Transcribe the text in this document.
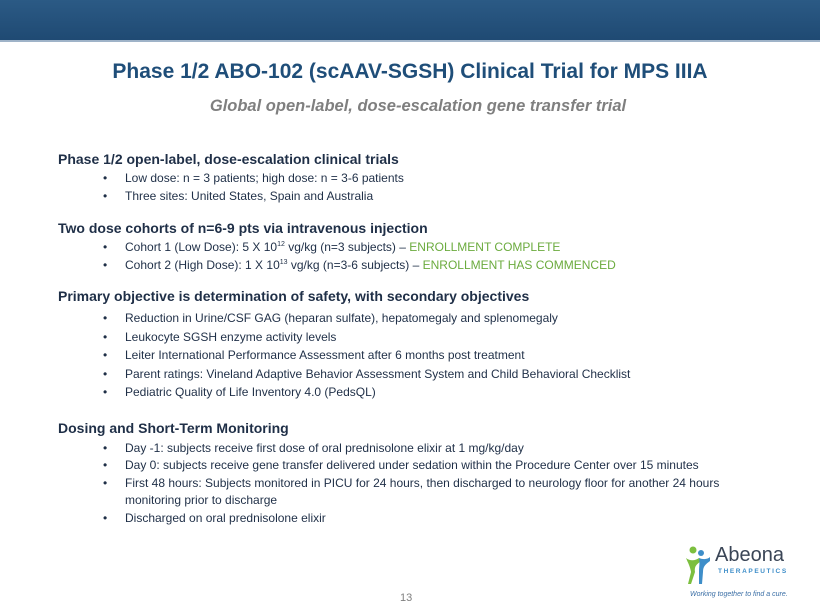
Phase 1/2 ABO-102 (scAAV-SGSH) Clinical Trial for MPS IIIA
Global open-label, dose-escalation gene transfer trial
Phase 1/2 open-label, dose-escalation clinical trials
• Low dose: n = 3 patients; high dose: n = 3-6 patients
• Three sites: United States, Spain and Australia
Two dose cohorts of n=6-9 pts via intravenous injection
• Cohort 1 (Low Dose): 5 X $10^{12}$ vg/kg (n=3 subjects) – ENROLLMENT COMPLETE
• Cohort 2 (High Dose): 1 X $10^{13}$ vg/kg (n=3-6 subjects) – ENROLLMENT HAS COMMENCED
Primary objective is determination of safety, with secondary objectives
• Reduction in Urine/CSF GAG (heparan sulfate), hepatomegaly and splenomegaly
• Leukocyte SGSH enzyme activity levels
• Leiter International Performance Assessment after 6 months post treatment
• Parent ratings: Vineland Adaptive Behavior Assessment System and Child Behavioral Checklist
• Pediatric Quality of Life Inventory 4.0 (PedsQL)
Dosing and Short-Term Monitoring
• Day -1: subjects receive first dose of oral prednisolone elixir at 1 mg/kg/day
• Day 0: subjects receive gene transfer delivered under sedation within the Procedure Center over 15 minutes
• First 48 hours: Subjects monitored in PICU for 24 hours, then discharged to neurology floor for another 24 hours monitoring prior to discharge
• Discharged on oral prednisolone elixir
13
Abeona
THERAPEUTICS
Working together to find a cure.
